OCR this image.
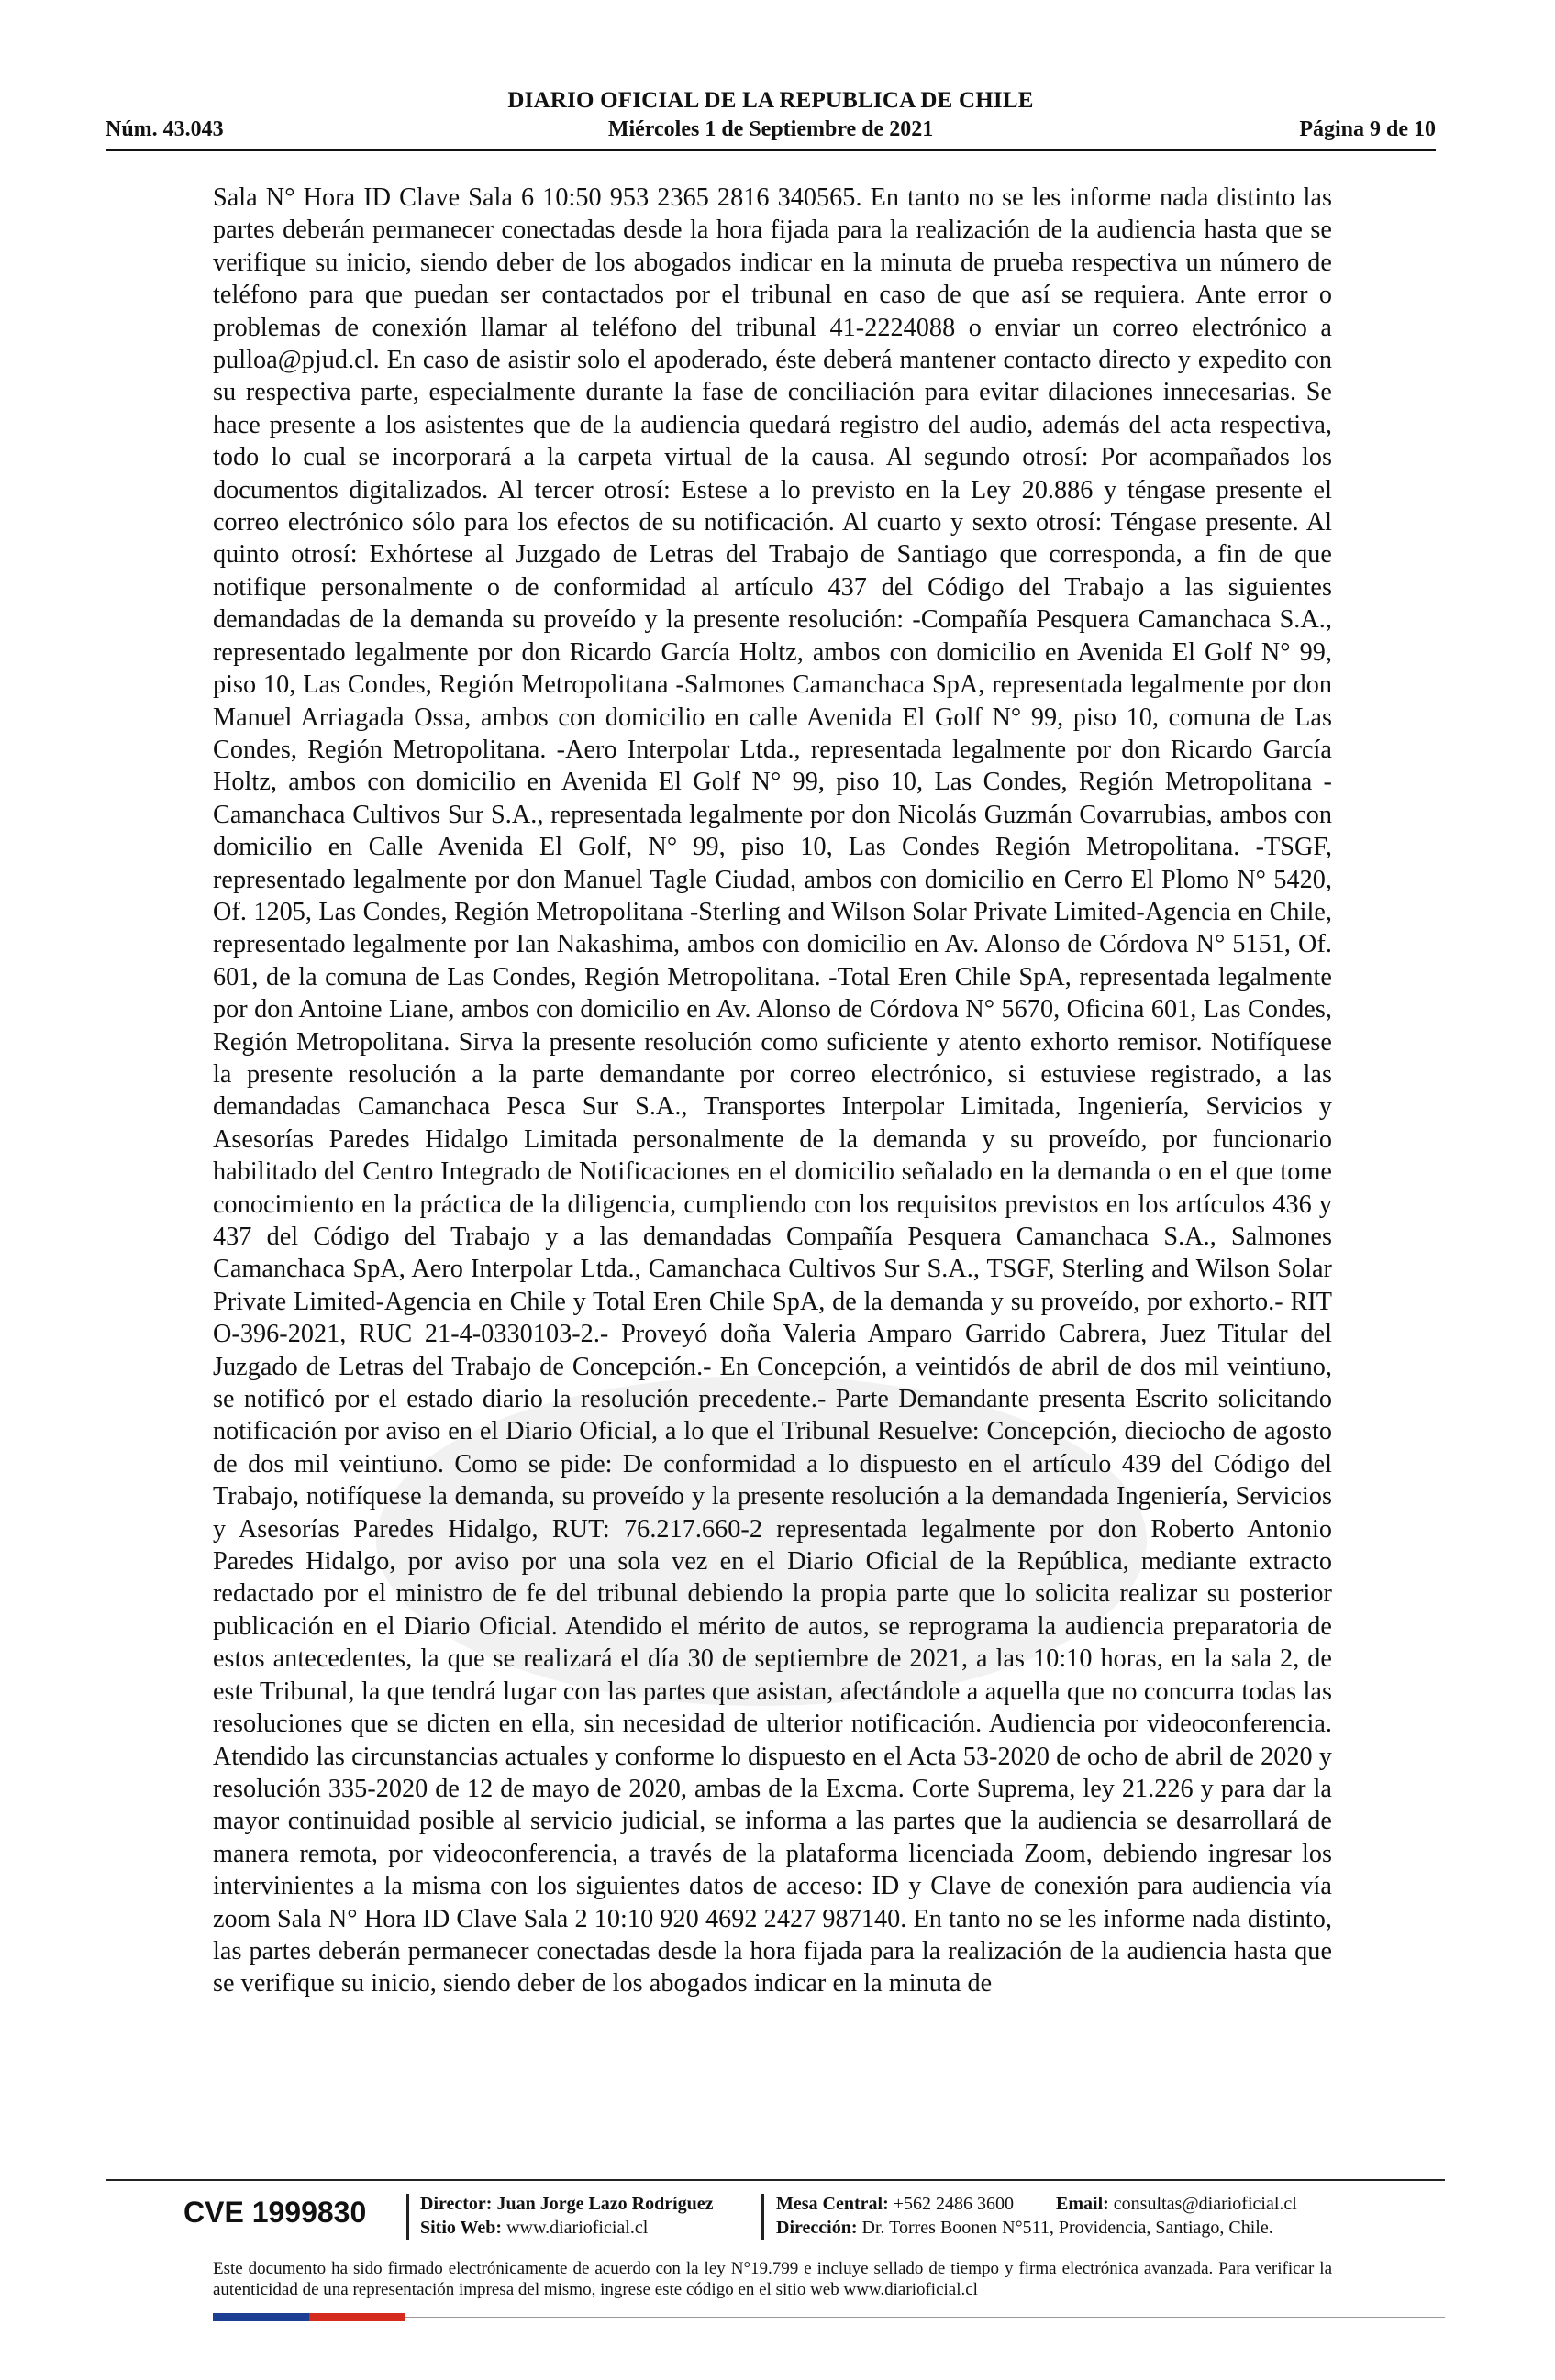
DIARIO OFICIAL DE LA REPUBLICA DE CHILE
Núm. 43.043	Miércoles 1 de Septiembre de 2021	Página 9 de 10

Sala N° Hora ID Clave Sala 6 10:50 953 2365 2816 340565. En tanto no se les informe nada distinto las partes deberán permanecer conectadas desde la hora fijada para la realización de la audiencia hasta que se verifique su inicio, siendo deber de los abogados indicar en la minuta de prueba respectiva un número de teléfono para que puedan ser contactados por el tribunal en caso de que así se requiera. Ante error o problemas de conexión llamar al teléfono del tribunal 41-2224088 o enviar un correo electrónico a pulloa@pjud.cl. En caso de asistir solo el apoderado, éste deberá mantener contacto directo y expedito con su respectiva parte, especialmente durante la fase de conciliación para evitar dilaciones innecesarias. Se hace presente a los asistentes que de la audiencia quedará registro del audio, además del acta respectiva, todo lo cual se incorporará a la carpeta virtual de la causa. Al segundo otrosí: Por acompañados los documentos digitalizados. Al tercer otrosí: Estese a lo previsto en la Ley 20.886 y téngase presente el correo electrónico sólo para los efectos de su notificación. Al cuarto y sexto otrosí: Téngase presente. Al quinto otrosí: Exhórtese al Juzgado de Letras del Trabajo de Santiago que corresponda, a fin de que notifique personalmente o de conformidad al artículo 437 del Código del Trabajo a las siguientes demandadas de la demanda su proveído y la presente resolución: -Compañía Pesquera Camanchaca S.A., representado legalmente por don Ricardo García Holtz, ambos con domicilio en Avenida El Golf N° 99, piso 10, Las Condes, Región Metropolitana -Salmones Camanchaca SpA, representada legalmente por don Manuel Arriagada Ossa, ambos con domicilio en calle Avenida El Golf N° 99, piso 10, comuna de Las Condes, Región Metropolitana. -Aero Interpolar Ltda., representada legalmente por don Ricardo García Holtz, ambos con domicilio en Avenida El Golf N° 99, piso 10, Las Condes, Región Metropolitana -Camanchaca Cultivos Sur S.A., representada legalmente por don Nicolás Guzmán Covarrubias, ambos con domicilio en Calle Avenida El Golf, N° 99, piso 10, Las Condes Región Metropolitana. -TSGF, representado legalmente por don Manuel Tagle Ciudad, ambos con domicilio en Cerro El Plomo N° 5420, Of. 1205, Las Condes, Región Metropolitana -Sterling and Wilson Solar Private Limited-Agencia en Chile, representado legalmente por Ian Nakashima, ambos con domicilio en Av. Alonso de Córdova N° 5151, Of. 601, de la comuna de Las Condes, Región Metropolitana. -Total Eren Chile SpA, representada legalmente por don Antoine Liane, ambos con domicilio en Av. Alonso de Córdova N° 5670, Oficina 601, Las Condes, Región Metropolitana. Sirva la presente resolución como suficiente y atento exhorto remisor. Notifíquese la presente resolución a la parte demandante por correo electrónico, si estuviese registrado, a las demandadas Camanchaca Pesca Sur S.A., Transportes Interpolar Limitada, Ingeniería, Servicios y Asesorías Paredes Hidalgo Limitada personalmente de la demanda y su proveído, por funcionario habilitado del Centro Integrado de Notificaciones en el domicilio señalado en la demanda o en el que tome conocimiento en la práctica de la diligencia, cumpliendo con los requisitos previstos en los artículos 436 y 437 del Código del Trabajo y a las demandadas Compañía Pesquera Camanchaca S.A., Salmones Camanchaca SpA, Aero Interpolar Ltda., Camanchaca Cultivos Sur S.A., TSGF, Sterling and Wilson Solar Private Limited-Agencia en Chile y Total Eren Chile SpA, de la demanda y su proveído, por exhorto.- RIT O-396-2021, RUC 21-4-0330103-2.- Proveyó doña Valeria Amparo Garrido Cabrera, Juez Titular del Juzgado de Letras del Trabajo de Concepción.- En Concepción, a veintidós de abril de dos mil veintiuno, se notificó por el estado diario la resolución precedente.- Parte Demandante presenta Escrito solicitando notificación por aviso en el Diario Oficial, a lo que el Tribunal Resuelve: Concepción, dieciocho de agosto de dos mil veintiuno. Como se pide: De conformidad a lo dispuesto en el artículo 439 del Código del Trabajo, notifíquese la demanda, su proveído y la presente resolución a la demandada Ingeniería, Servicios y Asesorías Paredes Hidalgo, RUT: 76.217.660-2 representada legalmente por don Roberto Antonio Paredes Hidalgo, por aviso por una sola vez en el Diario Oficial de la República, mediante extracto redactado por el ministro de fe del tribunal debiendo la propia parte que lo solicita realizar su posterior publicación en el Diario Oficial. Atendido el mérito de autos, se reprograma la audiencia preparatoria de estos antecedentes, la que se realizará el día 30 de septiembre de 2021, a las 10:10 horas, en la sala 2, de este Tribunal, la que tendrá lugar con las partes que asistan, afectándole a aquella que no concurra todas las resoluciones que se dicten en ella, sin necesidad de ulterior notificación. Audiencia por videoconferencia. Atendido las circunstancias actuales y conforme lo dispuesto en el Acta 53-2020 de ocho de abril de 2020 y resolución 335-2020 de 12 de mayo de 2020, ambas de la Excma. Corte Suprema, ley 21.226 y para dar la mayor continuidad posible al servicio judicial, se informa a las partes que la audiencia se desarrollará de manera remota, por videoconferencia, a través de la plataforma licenciada Zoom, debiendo ingresar los intervinientes a la misma con los siguientes datos de acceso: ID y Clave de conexión para audiencia vía zoom Sala N° Hora ID Clave Sala 2 10:10 920 4692 2427 987140. En tanto no se les informe nada distinto, las partes deberán permanecer conectadas desde la hora fijada para la realización de la audiencia hasta que se verifique su inicio, siendo deber de los abogados indicar en la minuta de

CVE 1999830	Director: Juan Jorge Lazo Rodríguez
Sitio Web: www.diarioficial.cl
Mesa Central: +562 2486 3600 Email: consultas@diarioficial.cl
Dirección: Dr. Torres Boonen N°511, Providencia, Santiago, Chile.
Este documento ha sido firmado electrónicamente de acuerdo con la ley N°19.799 e incluye sellado de tiempo y firma electrónica avanzada. Para verificar la autenticidad de una representación impresa del mismo, ingrese este código en el sitio web www.diarioficial.cl
